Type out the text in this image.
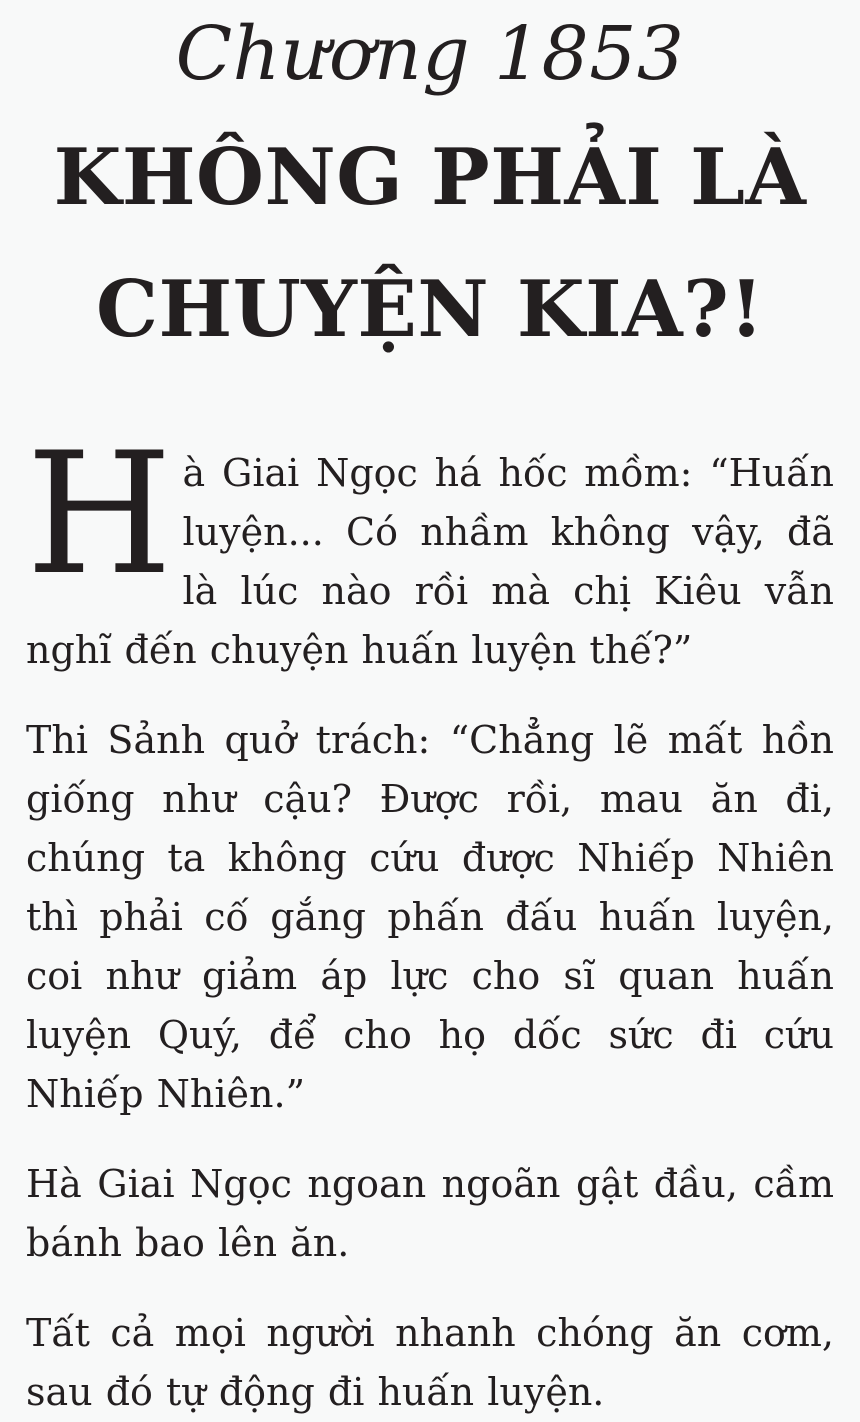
Chương 1853
KHÔNG PHẢI LÀ
CHUYỆN KIA?!

Hà Giai Ngọc há hốc mồm: “Huấn luyện... Có nhầm không vậy, đã là lúc nào rồi mà chị Kiêu vẫn nghĩ đến chuyện huấn luyện thế?”

Thi Sảnh quở trách: “Chẳng lẽ mất hồn giống như cậu? Được rồi, mau ăn đi, chúng ta không cứu được Nhiếp Nhiên thì phải cố gắng phấn đấu huấn luyện, coi như giảm áp lực cho sĩ quan huấn luyện Quý, để cho họ dốc sức đi cứu Nhiếp Nhiên.”

Hà Giai Ngọc ngoan ngoãn gật đầu, cầm bánh bao lên ăn.

Tất cả mọi người nhanh chóng ăn cơm, sau đó tự động đi huấn luyện.
